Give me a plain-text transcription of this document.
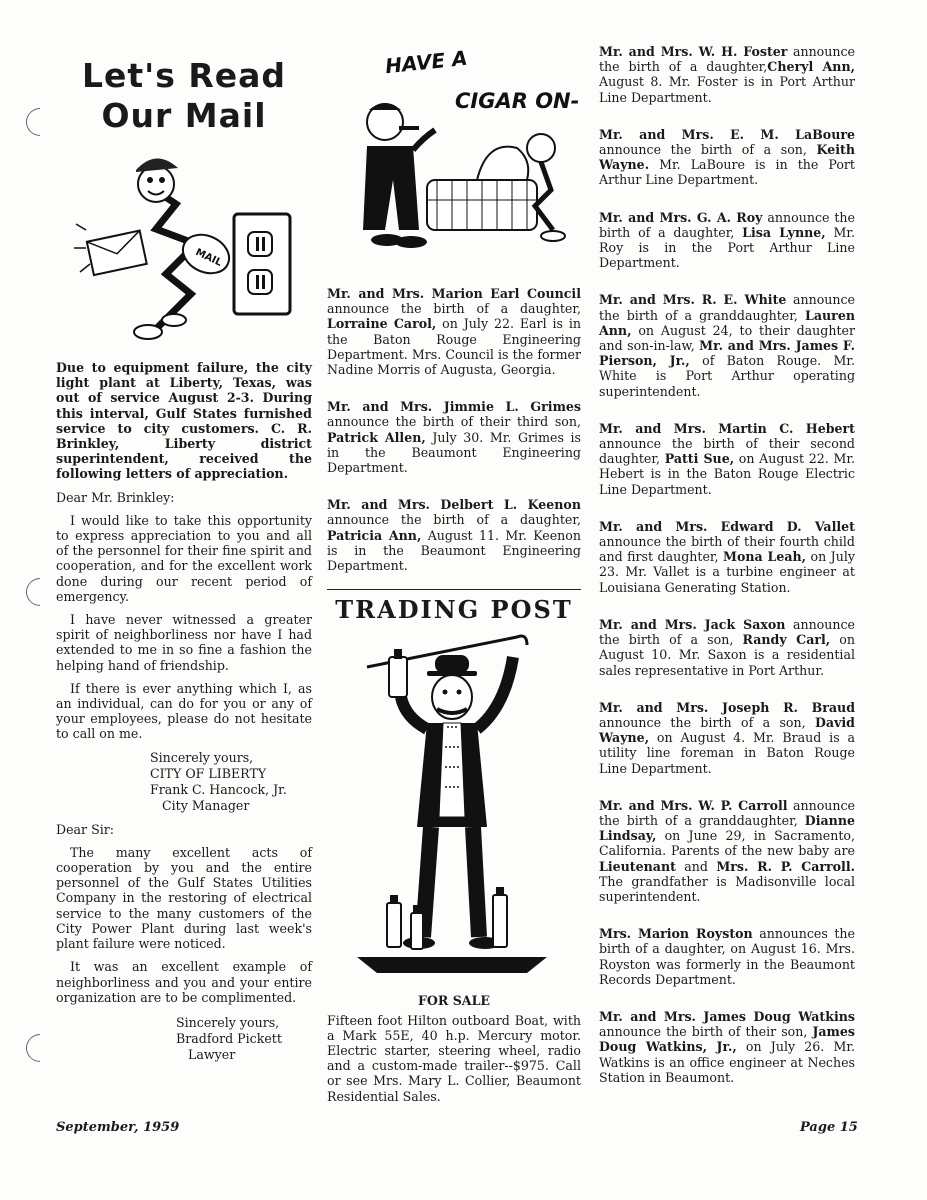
Let's Read
Our Mail
MAIL

Due to equipment failure, the city light plant at Liberty, Texas, was out of service August 2-3. During this interval, Gulf States furnished service to city customers. C. R. Brinkley, Liberty district superintendent, received the following letters of appreciation.

Dear Mr. Brinkley:

I would like to take this opportunity to express appreciation to you and all of the personnel for their fine spirit and cooperation, and for the excellent work done during our recent period of emergency.

I have never witnessed a greater spirit of neighborliness nor have I had extended to me in so fine a fashion the helping hand of friendship.

If there is ever anything which I, as an individual, can do for you or any of your employees, please do not hesitate to call on me.

Sincerely yours,
CITY OF LIBERTY
Frank C. Hancock, Jr.
City Manager

Dear Sir:

The many excellent acts of cooperation by you and the entire personnel of the Gulf States Utilities Company in the restoring of electrical service to the many customers of the City Power Plant during last week's plant failure were noticed.

It was an excellent example of neighborliness and you and your entire organization are to be complimented.

Sincerely yours,
Bradford Pickett
Lawyer
HAVE A
CIGAR ON-

Mr. and Mrs. Marion Earl Council announce the birth of a daughter, Lorraine Carol, on July 22. Earl is in the Baton Rouge Engineering Department. Mrs. Council is the former Nadine Morris of Augusta, Georgia.

Mr. and Mrs. Jimmie L. Grimes announce the birth of their third son, Patrick Allen, July 30. Mr. Grimes is in the Beaumont Engineering Department.

Mr. and Mrs. Delbert L. Keenon announce the birth of a daughter, Patricia Ann, August 11. Mr. Keenon is in the Beaumont Engineering Department.

TRADING POST
FOR SALE

Fifteen foot Hilton outboard Boat, with a Mark 55E, 40 h.p. Mercury motor. Electric starter, steering wheel, radio and a custom-made trailer--$975. Call or see Mrs. Mary L. Collier, Beaumont Residential Sales.

Mr. and Mrs. W. H. Foster announce the birth of a daughter,Cheryl Ann, August 8. Mr. Foster is in Port Arthur Line Department.

Mr. and Mrs. E. M. LaBoure announce the birth of a son, Keith Wayne. Mr. LaBoure is in the Port Arthur Line Department.

Mr. and Mrs. G. A. Roy announce the birth of a daughter, Lisa Lynne, Mr. Roy is in the Port Arthur Line Department.

Mr. and Mrs. R. E. White announce the birth of a granddaughter, Lauren Ann, on August 24, to their daughter and son-in-law, Mr. and Mrs. James F. Pierson, Jr., of Baton Rouge. Mr. White is Port Arthur operating superintendent.

Mr. and Mrs. Martin C. Hebert announce the birth of their second daughter, Patti Sue, on August 22. Mr. Hebert is in the Baton Rouge Electric Line Department.

Mr. and Mrs. Edward D. Vallet announce the birth of their fourth child and first daughter, Mona Leah, on July 23. Mr. Vallet is a turbine engineer at Louisiana Generating Station.

Mr. and Mrs. Jack Saxon announce the birth of a son, Randy Carl, on August 10. Mr. Saxon is a residential sales representative in Port Arthur.

Mr. and Mrs. Joseph R. Braud announce the birth of a son, David Wayne, on August 4. Mr. Braud is a utility line foreman in Baton Rouge Line Department.

Mr. and Mrs. W. P. Carroll announce the birth of a granddaughter, Dianne Lindsay, on June 29, in Sacramento, California. Parents of the new baby are Lieutenant and Mrs. R. P. Carroll. The grandfather is Madisonville local superintendent.

Mrs. Marion Royston announces the birth of a daughter, on August 16. Mrs. Royston was formerly in the Beaumont Records Department.

Mr. and Mrs. James Doug Watkins announce the birth of their son, James Doug Watkins, Jr., on July 26. Mr. Watkins is an office engineer at Neches Station in Beaumont.

September, 1959	Page 15
